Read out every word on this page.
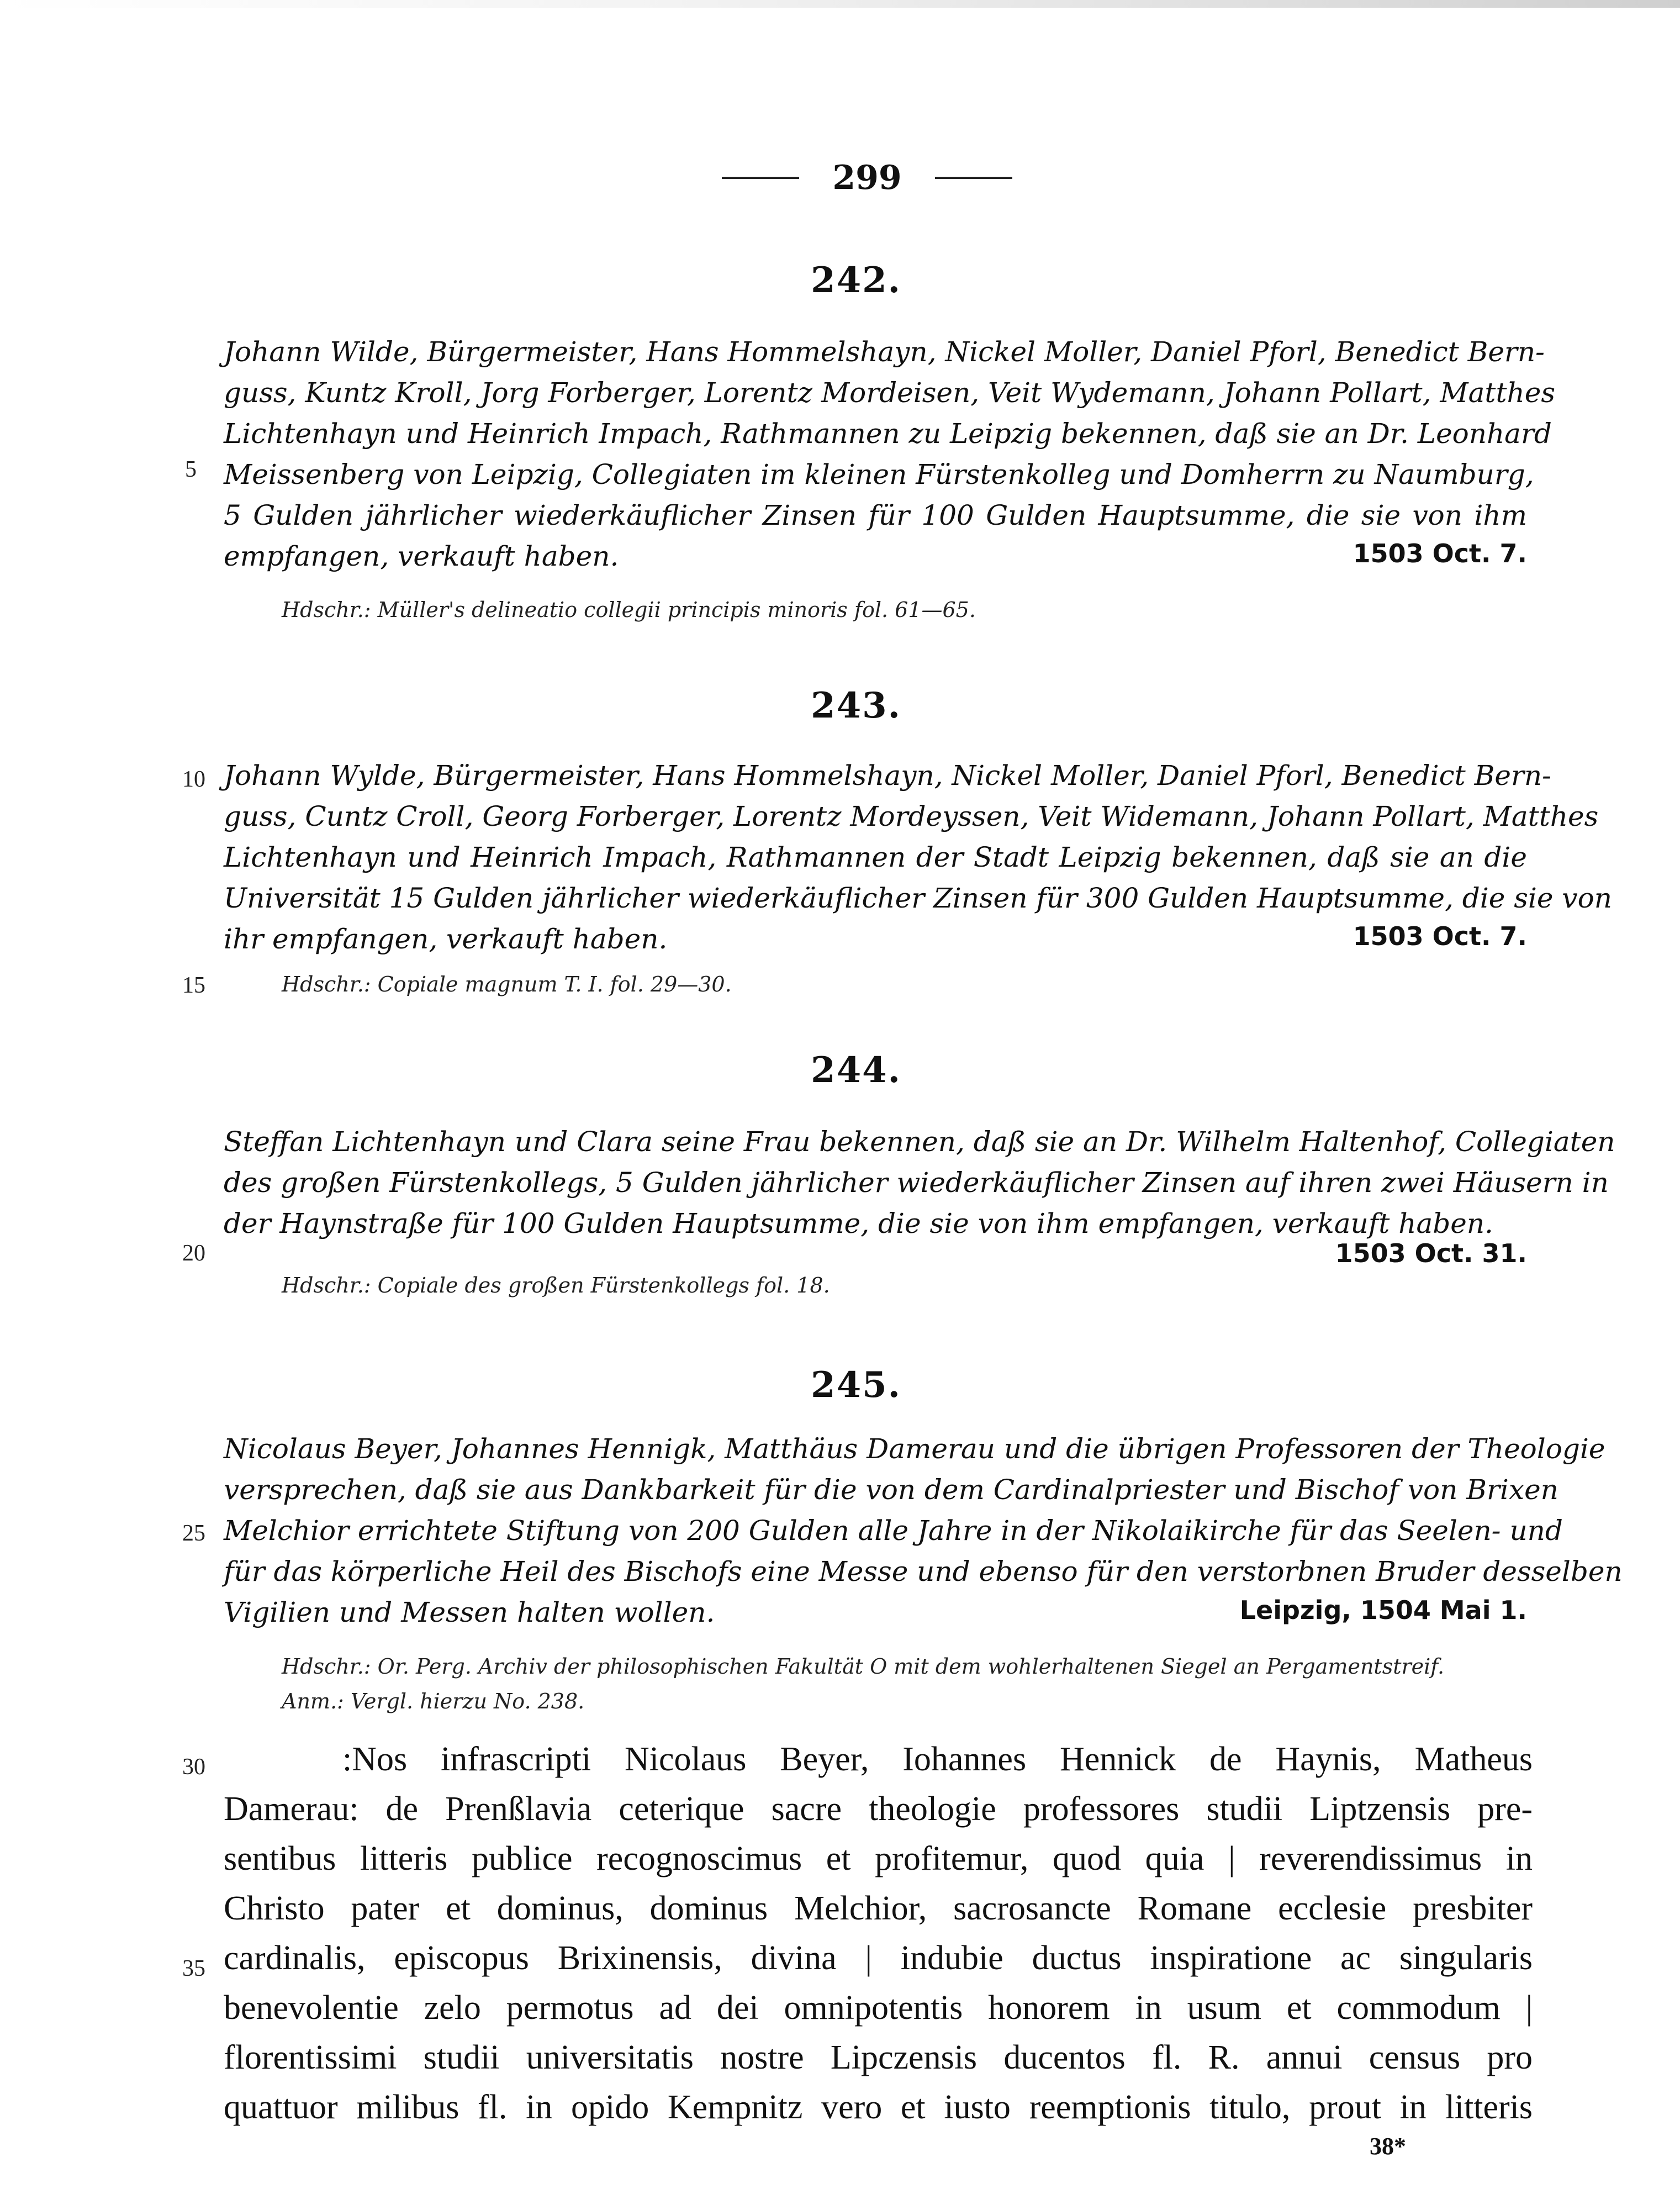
299
5
10
15
20
25
30
35
242.
Johann Wilde, Bürgermeister, Hans Hommelshayn, Nickel Moller, Daniel Pforl, Benedict Bern-
guss, Kuntz Kroll, Jorg Forberger, Lorentz Mordeisen, Veit Wydemann, Johann Pollart, Matthes
Lichtenhayn und Heinrich Impach, Rathmannen zu Leipzig bekennen, daß sie an Dr. Leonhard
Meissenberg von Leipzig, Collegiaten im kleinen Fürstenkolleg und Domherrn zu Naumburg,
5 Gulden jährlicher wiederkäuflicher Zinsen für 100 Gulden Hauptsumme, die sie von ihm
empfangen, verkauft haben.	1503 Oct. 7.
Hdschr.: Müller's delineatio collegii principis minoris fol. 61—65.
243.
Johann Wylde, Bürgermeister, Hans Hommelshayn, Nickel Moller, Daniel Pforl, Benedict Bern-
guss, Cuntz Croll, Georg Forberger, Lorentz Mordeyssen, Veit Widemann, Johann Pollart, Matthes
Lichtenhayn und Heinrich Impach, Rathmannen der Stadt Leipzig bekennen, daß sie an die
Universität 15 Gulden jährlicher wiederkäuflicher Zinsen für 300 Gulden Hauptsumme, die sie von
ihr empfangen, verkauft haben.	1503 Oct. 7.
Hdschr.: Copiale magnum T. I. fol. 29—30.
244.
Steffan Lichtenhayn und Clara seine Frau bekennen, daß sie an Dr. Wilhelm Haltenhof, Collegiaten
des großen Fürstenkollegs, 5 Gulden jährlicher wiederkäuflicher Zinsen auf ihren zwei Häusern in
der Haynstraße für 100 Gulden Hauptsumme, die sie von ihm empfangen, verkauft haben.
1503 Oct. 31.
Hdschr.: Copiale des großen Fürstenkollegs fol. 18.
245.
Nicolaus Beyer, Johannes Hennigk, Matthäus Damerau und die übrigen Professoren der Theologie
versprechen, daß sie aus Dankbarkeit für die von dem Cardinalpriester und Bischof von Brixen
Melchior errichtete Stiftung von 200 Gulden alle Jahre in der Nikolaikirche für das Seelen- und
für das körperliche Heil des Bischofs eine Messe und ebenso für den verstorbnen Bruder desselben
Vigilien und Messen halten wollen.	Leipzig, 1504 Mai 1.
Hdschr.: Or. Perg. Archiv der philosophischen Fakultät O mit dem wohlerhaltenen Siegel an Pergamentstreif.
Anm.: Vergl. hierzu No. 238.
:Nos infrascripti Nicolaus Beyer, Iohannes Hennick de Haynis, Matheus
Damerau: de Prenßlavia ceterique sacre theologie professores studii Liptzensis pre-
sentibus litteris publice recognoscimus et profitemur, quod quia | reverendissimus in
Christo pater et dominus, dominus Melchior, sacrosancte Romane ecclesie presbiter
cardinalis, episcopus Brixinensis, divina | indubie ductus inspiratione ac singularis
benevolentie zelo permotus ad dei omnipotentis honorem in usum et commodum |
florentissimi studii universitatis nostre Lipczensis ducentos fl. R. annui census pro
quattuor milibus fl. in opido Kempnitz vero et iusto reemptionis titulo, prout in litteris
38*
